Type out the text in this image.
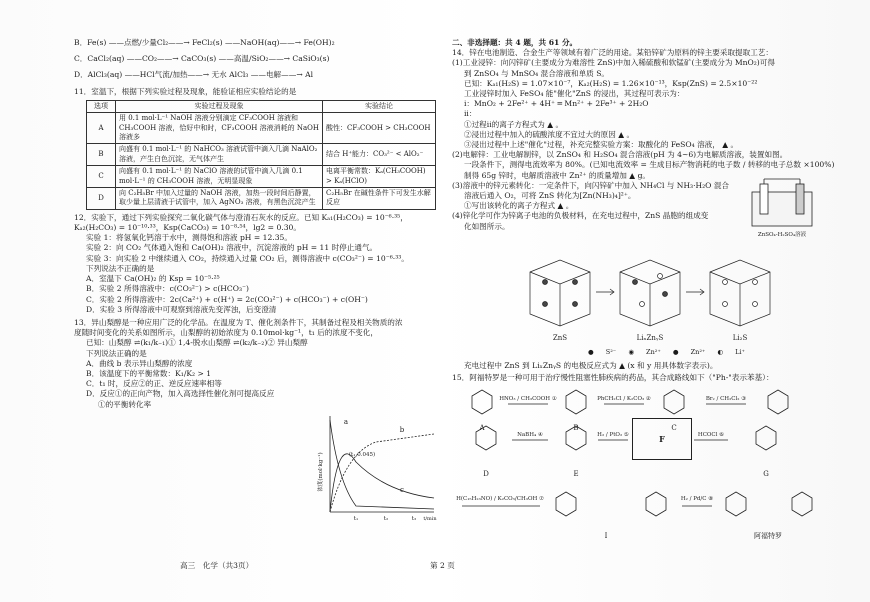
B．Fe(s) ——点燃/少量Cl₂——→ FeCl₂(s) ——NaOH(aq)——→ Fe(OH)₂
C．CaCl₂(aq) ——CO₂——→ CaCO₃(s) ——高温/SiO₂——→ CaSiO₃(s)
D．AlCl₃(aq) ——HCl气流/加热——→ 无水 AlCl₃ ——电解——→ Al
11．室温下，根据下列实验过程及现象，能验证相应实验结论的是
选项	实验过程及现象	实验结论
A	用 0.1 mol·L⁻¹ NaOH 溶液分别滴定 CF₃COOH 溶液和 CH₃COOH 溶液，恰好中和时，CF₃COOH 溶液消耗的 NaOH 溶液多	酸性：CF₃COOH > CH₃COOH
B	向盛有 0.1 mol·L⁻¹ 的 NaHCO₃ 溶液试管中滴入几滴 NaAlO₂ 溶液，产生白色沉淀，无气体产生	结合 H⁺能力：CO₃²⁻ < AlO₂⁻
C	向盛有 0.1 mol·L⁻¹ 的 NaClO 溶液的试管中滴入几滴 0.1 mol·L⁻¹ 的 CH₃COOH 溶液，无明显现象	电离平衡常数：Kₐ(CH₃COOH) > Kₐ(HClO)
D	向 C₂H₅Br 中加入过量的 NaOH 溶液，加热一段时间后静置，取少量上层清液于试管中，加入 AgNO₃ 溶液，有黑色沉淀产生	C₂H₅Br 在碱性条件下可发生水解反应
12．实验下，通过下列实验探究二氧化碳气体与澄清石灰水的反应。已知 Kₐ₁(H₂CO₃) = 10⁻⁶·³⁵，
Kₐ₂(H₂CO₃) = 10⁻¹⁰·³³，Ksp(CaCO₃) = 10⁻⁸·⁵⁴，lg2 = 0.30。
实验 1：将氢氧化钙溶于水中，测得饱和溶液 pH = 12.35。
实验 2：向 CO₂ 气体通入饱和 Ca(OH)₂ 溶液中，沉淀溶液的 pH = 11 时停止通气。
实验 3：向实验 2 中继续通入 CO₂，持续通入过量 CO₂ 后，测得溶液中 c(CO₃²⁻) = 10⁻⁶·³³。
下列说法不正确的是
A．室温下 Ca(OH)₂ 的 Ksp = 10⁻⁵·²⁵
B．实验 2 所得溶液中：c(CO₃²⁻) > c(HCO₃⁻)
C．实验 2 所得溶液中：2c(Ca²⁺) + c(H⁺) = 2c(CO₃²⁻) + c(HCO₃⁻) + c(OH⁻)
D．实验 3 所得溶液中可观察到溶液先变浑浊，后变澄清
13．异山梨醇是一种应用广泛的化学品。在温度为 T、催化剂条件下，其制备过程及相关物质的浓
度随时间变化的关系如图所示，山梨醇的初始浓度为 0.10mol·kg⁻¹，t₁ 后的浓度不变化，
已知：山梨醇 ⇌(k₁/k₋₁)① 1,4-脱水山梨醇 ⇌(k₂/k₋₂)② 异山梨醇
下列说法正确的是
A．曲线 b 表示异山梨醇的浓度
B．该温度下的平衡常数：K₁/K₂ > 1
C．t₁ 时，反应②的正、逆反应速率相等
D．反应①的正向产物，加入高选择性催化剂可提高反应
①的平衡转化率
浓度(mol·kg⁻¹)	(t₁,0.045)
a
b
c
t₁	t₂	t₃ t/min
二、非选择题：共 4 题，共 61 分。
14．锌在电池制造、合金生产等领域有着广泛的用途。某铅锌矿为原料的锌主要采取提取工艺：
(1)工业浸锌：向闪锌矿(主要成分为难溶性 ZnS)中加入稀硫酸和软锰矿(主要成分为 MnO₂)可得
到 ZnSO₄ 与 MnSO₄ 混合溶液和单质 S。
已知：Kₐ₁(H₂S) = 1.07×10⁻⁷，Kₐ₂(H₂S) = 1.26×10⁻¹³，Ksp(ZnS) = 2.5×10⁻²²
工业浸锌时加入 FeSO₄ 能"催化"ZnS 的浸出，其过程可表示为：
i：MnO₂ + 2Fe²⁺ + 4H⁺ ═ Mn²⁺ + 2Fe³⁺ + 2H₂O
ii：
①过程ii的离子方程式为 ▲ 。
②浸出过程中加入的硫酸浓度不宜过大的原因 ▲ 。
③浸出过程中上述"催化"过程，补充完整实验方案：取酸化的 FeSO₄ 溶液， ▲ 。
(2)电解锌：工业电解制锌，以 ZnSO₄ 和 H₂SO₄ 混合溶液(pH 为 4~6)为电解质溶液，装置如图。
一段条件下，测得电流效率为 80%。(已知电流效率 = 生成目标产物消耗的电子数 / 转移的电子总数 ×100%)
制得 65g 锌时，电解质溶液中 Zn²⁺ 的质量增加 ▲ g。
(3)溶液中的锌元素转化：一定条件下，向闪锌矿中加入 NH₄Cl 与 NH₃·H₂O 混合
溶液后通入 O₂，可将 ZnS 转化为[Zn(NH₃)₄]²⁺。
①写出该转化的离子方程式 ▲ 。
(4)锌化学可作为锌离子电池的负极材料，在充电过程中，ZnS 晶胞的组成变
化如图所示。
ZnSO₄-H₂SO₄溶液
ZnS	LiₓZnᵧS	Li₂S
● S²⁻ ◉ Zn²⁺ ● Zn²⁺ ◐ Li⁺
充电过程中 ZnS 到 LiₓZnᵧS 的电极反应式为 ▲ (x 和 y 用具体数字表示)。
15．阿福特罗是一种可用于治疗慢性阻塞性肺疾病的药品，其合成路线如下（"Ph-"表示苯基）：
HNO₃ / CH₃COOH ①	PhCH₂Cl / K₂CO₃ ②	Br₂ / CH₂Cl₂ ③
A	B	C
NaBH₄ ④	H₂ / PtO₂ ⑤	HCOCl ⑥
D	E	G
F
H(C₁₅H₂₃NO) / K₂CO₃/CH₃OH ⑦	H₂ / Pd/C ⑧
I	阿福特罗
高三　化学（共3页）	第 2 页
